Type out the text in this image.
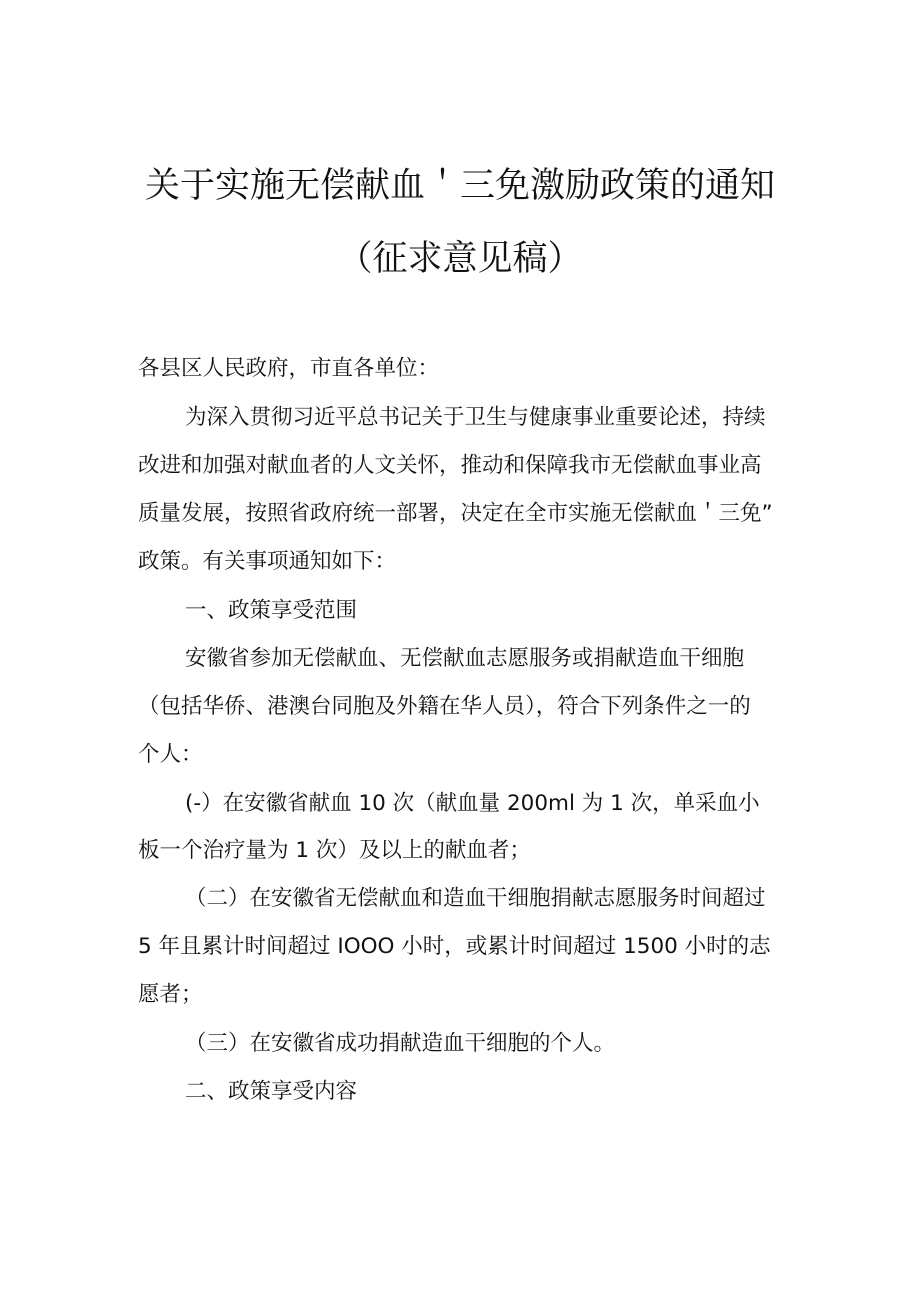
关于实施无偿献血＇三免激励政策的通知
（征求意见稿）
各县区人民政府，市直各单位：
为深入贯彻习近平总书记关于卫生与健康事业重要论述，持续
改进和加强对献血者的人文关怀，推动和保障我市无偿献血事业高
质量发展，按照省政府统一部署，决定在全市实施无偿献血＇三免”
政策。有关事项通知如下：
一、政策享受范围
安徽省参加无偿献血、无偿献血志愿服务或捐献造血干细胞
（包括华侨、港澳台同胞及外籍在华人员），符合下列条件之一的
个人：
(-）在安徽省献血 10 次（献血量 200ml 为 1 次，单采血小
板一个治疗量为 1 次）及以上的献血者；
（二）在安徽省无偿献血和造血干细胞捐献志愿服务时间超过
5 年且累计时间超过 IOOO 小时，或累计时间超过 1500 小时的志
愿者；
（三）在安徽省成功捐献造血干细胞的个人。
二、政策享受内容
